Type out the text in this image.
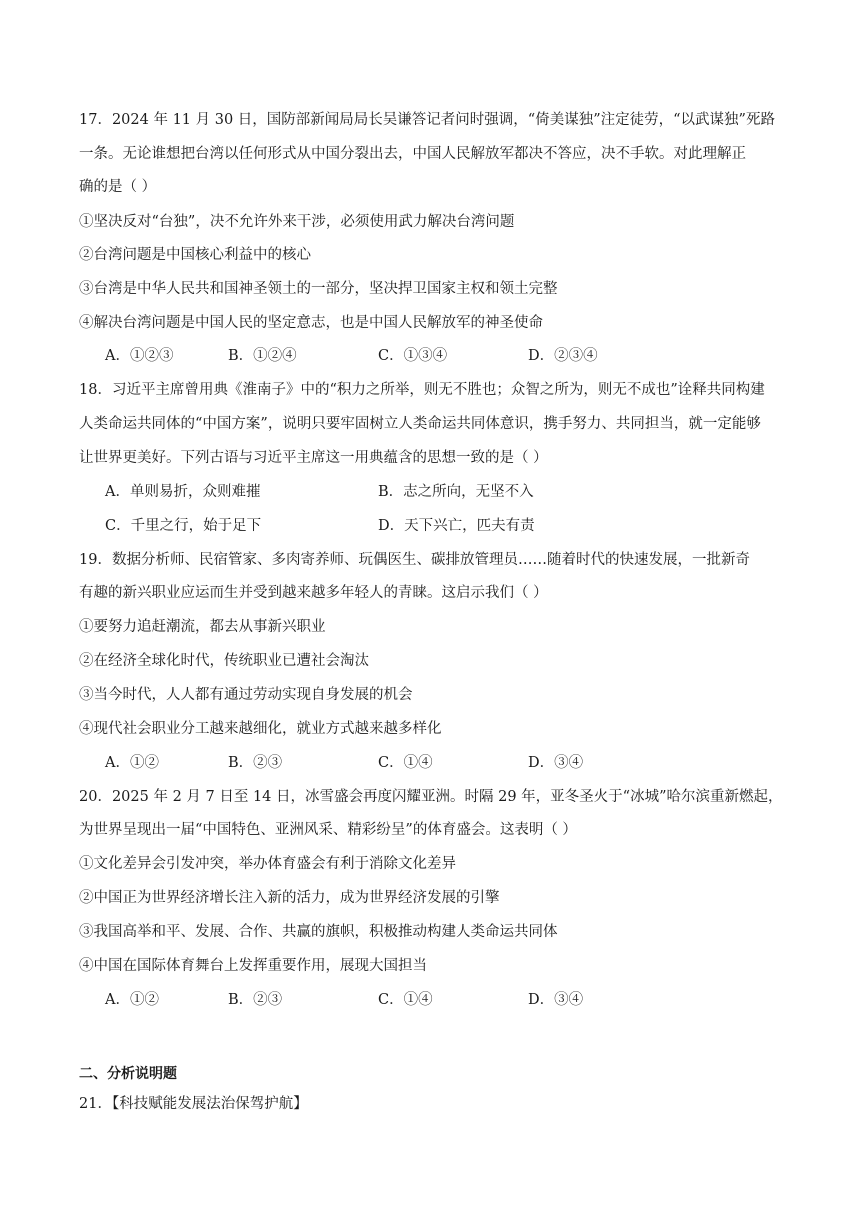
17．2024 年 11 月 30 日，国防部新闻局局长吴谦答记者问时强调，“倚美谋独”注定徒劳，“以武谋独”死路
一条。无论谁想把台湾以任何形式从中国分裂出去，中国人民解放军都决不答应，决不手软。对此理解正
确的是（ ）
①坚决反对“台独”，决不允许外来干涉，必须使用武力解决台湾问题
②台湾问题是中国核心利益中的核心
③台湾是中华人民共和国神圣领土的一部分，坚决捍卫国家主权和领土完整
④解决台湾问题是中国人民的坚定意志，也是中国人民解放军的神圣使命
A．①②③	B．①②④	C．①③④	D．②③④
18．习近平主席曾用典《淮南子》中的“积力之所举，则无不胜也；众智之所为，则无不成也”诠释共同构建
人类命运共同体的“中国方案”，说明只要牢固树立人类命运共同体意识，携手努力、共同担当，就一定能够
让世界更美好。下列古语与习近平主席这一用典蕴含的思想一致的是（ ）
A．单则易折，众则难摧	B．志之所向，无坚不入
C．千里之行，始于足下	D．天下兴亡，匹夫有责
19．数据分析师、民宿管家、多肉寄养师、玩偶医生、碳排放管理员……随着时代的快速发展，一批新奇
有趣的新兴职业应运而生并受到越来越多年轻人的青睐。这启示我们（ ）
①要努力追赶潮流，都去从事新兴职业
②在经济全球化时代，传统职业已遭社会淘汰
③当今时代，人人都有通过劳动实现自身发展的机会
④现代社会职业分工越来越细化，就业方式越来越多样化
A．①②	B．②③	C．①④	D．③④
20．2025 年 2 月 7 日至 14 日，冰雪盛会再度闪耀亚洲。时隔 29 年，亚冬圣火于“冰城”哈尔滨重新燃起，
为世界呈现出一届“中国特色、亚洲风采、精彩纷呈”的体育盛会。这表明（ ）
①文化差异会引发冲突，举办体育盛会有利于消除文化差异
②中国正为世界经济增长注入新的活力，成为世界经济发展的引擎
③我国高举和平、发展、合作、共赢的旗帜，积极推动构建人类命运共同体
④中国在国际体育舞台上发挥重要作用，展现大国担当
A．①②	B．②③	C．①④	D．③④
二、分析说明题
21．【科技赋能发展法治保驾护航】
